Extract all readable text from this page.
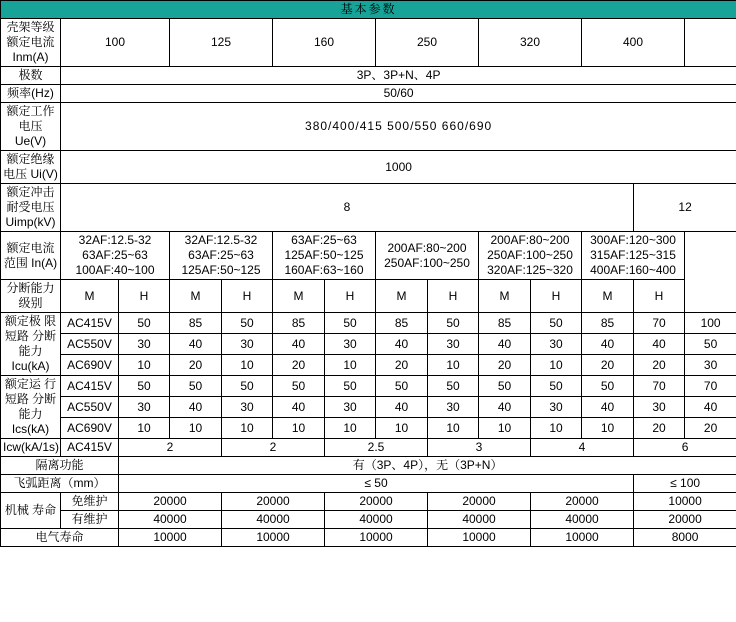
基本参数													
壳架等级额定电流 Inm(A)	100		125		160		250		320		400		
极数	3P、3P+N、4P												
频率(Hz)	50/60												
额定工作电压 Ue(V)	380/400/415 500/550 660/690												
额定绝缘电压 Ui(V)	1000												
额定冲击耐受电压 Uimp(kV)	8											12	
额定电流范围 In(A)	32AF:12.5-32
63AF:25~63
100AF:40~100		32AF:12.5-32
63AF:25~63
125AF:50~125		63AF:25~63
125AF:50~125
160AF:63~160		200AF:80~200
250AF:100~250		200AF:80~200
250AF:100~250
320AF:125~320		300AF:120~300
315AF:125~315
400AF:160~400		

分断能力级别	M	H	M	H	M	H	M	H	M	H	M	H	
额定极 限短路 分断 能力 Icu(kA)	AC415V	50	85	50	85	50	85	50	85	50	85	70	100
	AC550V	30	40	30	40	30	40	30	40	30	40	40	50
	AC690V	10	20	10	20	10	20	10	20	10	20	20	30
额定运 行短路 分断 能力 Ics(kA)	AC415V	50	50	50	50	50	50	50	50	50	50	70	70
	AC550V	30	40	30	40	30	40	30	40	30	40	30	40
	AC690V	10	10	10	10	10	10	10	10	10	10	20	20
Icw(kA/1s)	AC415V	2		2		2.5		3		4		6	
隔离功能		有（3P、4P），无（3P+N）											
飞弧距离（mm）		≤ 50										≤ 100	
机械 寿命	免维护	20000		20000		20000		20000		20000		10000	
	有维护	40000		40000		40000		40000		40000		20000	
电气寿命		10000		10000		10000		10000		10000		8000	
